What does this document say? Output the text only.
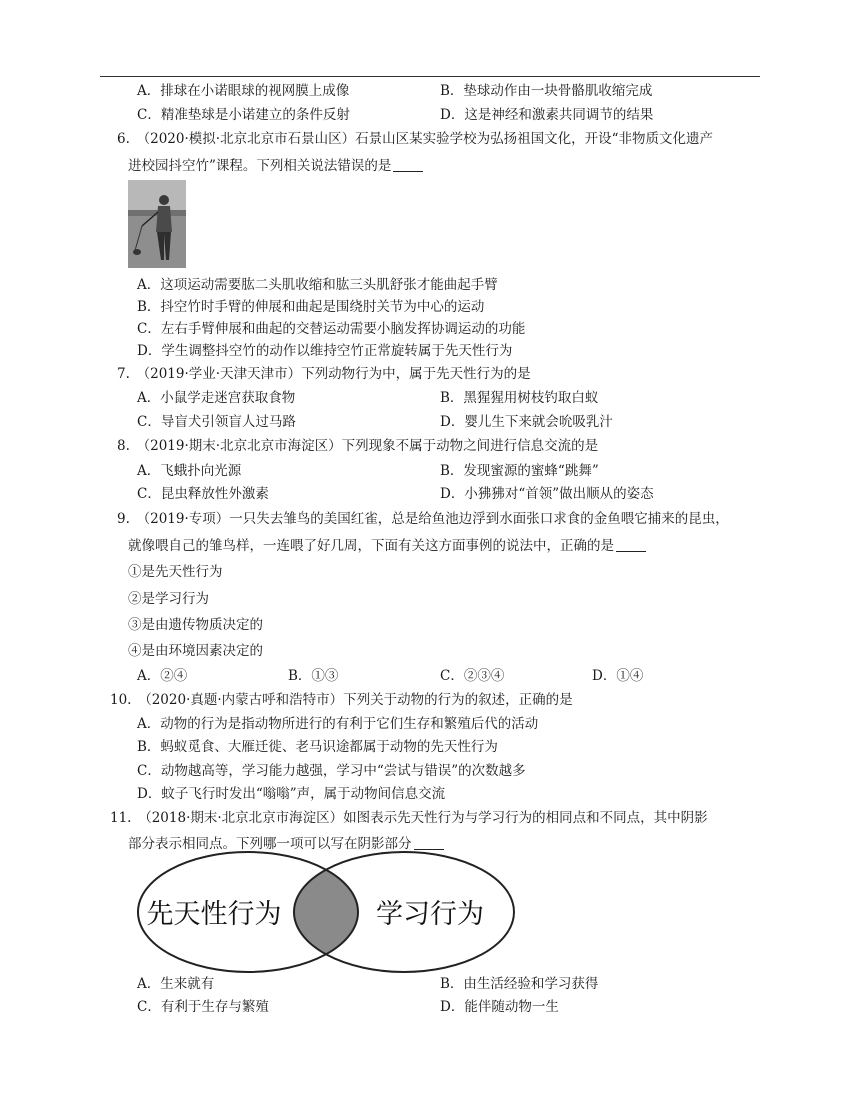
A．排球在小诺眼球的视网膜上成像	B．垫球动作由一块骨骼肌收缩完成
C．精准垫球是小诺建立的条件反射	D．这是神经和激素共同调节的结果
6.　（2020·模拟·北京北京市石景山区）石景山区某实验学校为弘扬祖国文化，开设“非物质文化遗产
进校园抖空竹”课程。下列相关说法错误的是
A．这项运动需要肱二头肌收缩和肱三头肌舒张才能曲起手臂
B．抖空竹时手臂的伸展和曲起是围绕肘关节为中心的运动
C．左右手臂伸展和曲起的交替运动需要小脑发挥协调运动的功能
D．学生调整抖空竹的动作以维持空竹正常旋转属于先天性行为
7.　（2019·学业·天津天津市）下列动物行为中，属于先天性行为的是
A．小鼠学走迷宫获取食物	B．黑猩猩用树枝钓取白蚁
C．导盲犬引领盲人过马路	D．婴儿生下来就会吮吸乳汁
8.　（2019·期末·北京北京市海淀区）下列现象不属于动物之间进行信息交流的是
A．飞蛾扑向光源	B．发现蜜源的蜜蜂“跳舞”
C．昆虫释放性外激素	D．小狒狒对“首领”做出顺从的姿态
9.　（2019·专项）一只失去雏鸟的美国红雀，总是给鱼池边浮到水面张口求食的金鱼喂它捕来的昆虫，
就像喂自己的雏鸟样，一连喂了好几周，下面有关这方面事例的说法中，正确的是
①是先天性行为
②是学习行为
③是由遗传物质决定的
④是由环境因素决定的
A．②④	B．①③	C．②③④	D．①④
10.　（2020·真题·内蒙古呼和浩特市）下列关于动物的行为的叙述，正确的是
A．动物的行为是指动物所进行的有利于它们生存和繁殖后代的活动
B．蚂蚁觅食、大雁迁徙、老马识途都属于动物的先天性行为
C．动物越高等，学习能力越强，学习中“尝试与错误”的次数越多
D．蚊子飞行时发出“嗡嗡”声，属于动物间信息交流
11.　（2018·期末·北京北京市海淀区）如图表示先天性行为与学习行为的相同点和不同点，其中阴影
部分表示相同点。下列哪一项可以写在阴影部分
先天性行为	学习行为
A．生来就有	B．由生活经验和学习获得
C．有利于生存与繁殖	D．能伴随动物一生
